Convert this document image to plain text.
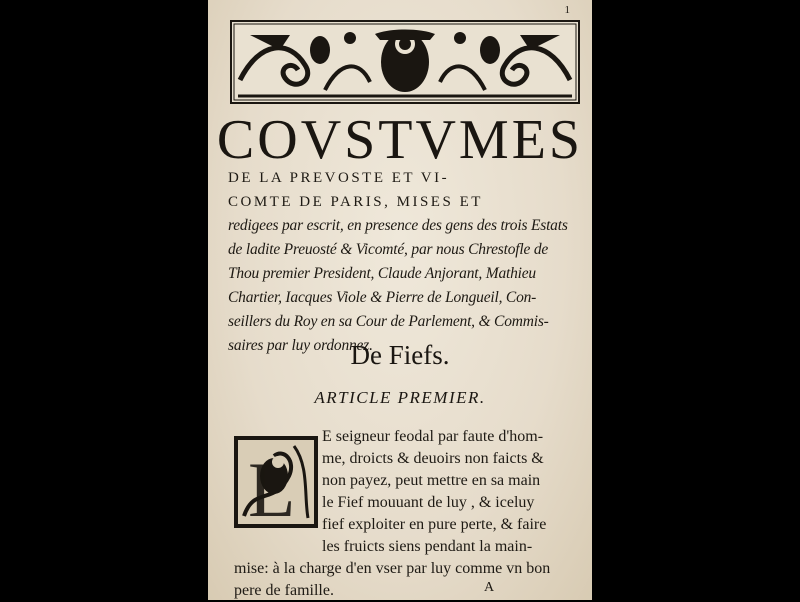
1
COVSTVMES
DE LA PREVOSTE ET VI-
COMTE DE PARIS, MISES ET
redigees par escrit, en presence des gens des trois Estats
de ladite Preuosté & Vicomté, par nous Chrestofle de
Thou premier President, Claude Anjorant, Mathieu
Chartier, Iacques Viole & Pierre de Longueil, Con-
seillers du Roy en sa Cour de Parlement, & Commis-
saires par luy ordonnez.
De Fiefs.
ARTICLE PREMIER.
L
E seigneur feodal par faute d'hom-
me, droicts & deuoirs non faicts &
non payez, peut mettre en sa main
le Fief mouuant de luy , & iceluy
fief exploiter en pure perte, & faire
les fruicts siens pendant la main-
mise: à la charge d'en vser par luy comme vn bon
pere de famille.	A
